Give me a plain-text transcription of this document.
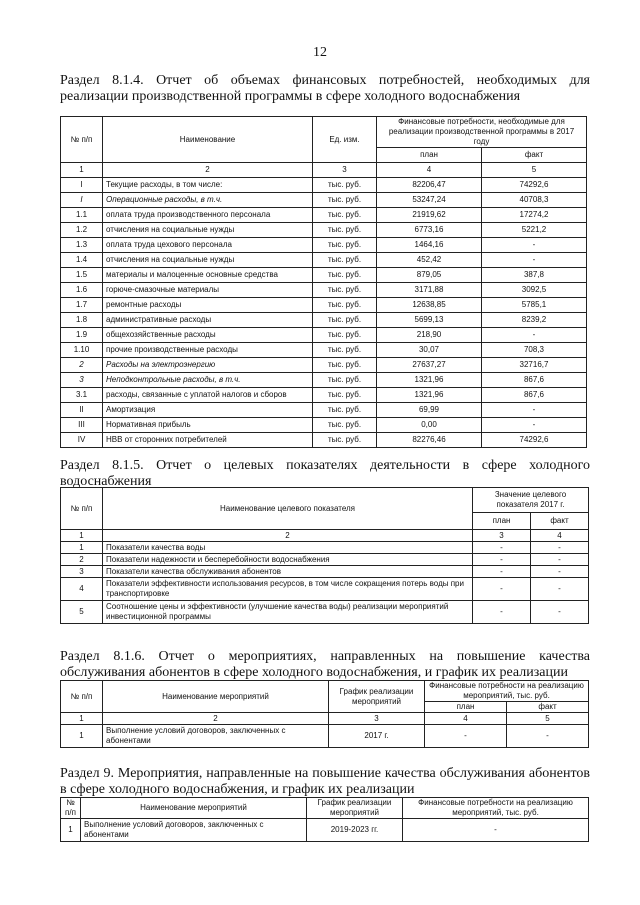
12
Раздел 8.1.4. Отчет об объемах финансовых потребностей, необходимых для реализации производственной программы в сфере холодного водоснабжения
№ п/п	Наименование	Ед. изм.	Финансовые потребности, необходимые для реализации производственной программы в 2017 году	
			план	факт
1	2	3	4	5
I	Текущие расходы, в том числе:	тыс. руб.	82206,47	74292,6
I	Операционные расходы, в т.ч.	тыс. руб.	53247,24	40708,3
1.1	оплата труда производственного персонала	тыс. руб.	21919,62	17274,2
1.2	отчисления на социальные нужды	тыс. руб.	6773,16	5221,2
1.3	оплата труда цехового персонала	тыс. руб.	1464,16	-
1.4	отчисления на социальные нужды	тыс. руб.	452,42	-
1.5	материалы и малоценные основные средства	тыс. руб.	879,05	387,8
1.6	горюче-смазочные материалы	тыс. руб.	3171,88	3092,5
1.7	ремонтные расходы	тыс. руб.	12638,85	5785,1
1.8	административные расходы	тыс. руб.	5699,13	8239,2
1.9	общехозяйственные расходы	тыс. руб.	218,90	-
1.10	прочие производственные расходы	тыс. руб.	30,07	708,3
2	Расходы на электроэнергию	тыс. руб.	27637,27	32716,7
3	Неподконтрольные расходы, в т.ч.	тыс. руб.	1321,96	867,6
3.1	расходы, связанные с уплатой налогов и сборов	тыс. руб.	1321,96	867,6
II	Амортизация	тыс. руб.	69,99	-
III	Нормативная прибыль	тыс. руб.	0,00	-
IV	НВВ от сторонних потребителей	тыс. руб.	82276,46	74292,6
Раздел 8.1.5. Отчет о целевых показателях деятельности в сфере холодного водоснабжения
№ п/п	Наименование целевого показателя	Значение целевого показателя 2017 г.	
		план	факт
1	2	3	4
1	Показатели качества воды	-	-
2	Показатели надежности и бесперебойности водоснабжения	-	-
3	Показатели качества обслуживания абонентов	-	-
4	Показатели эффективности использования ресурсов, в том числе сокращения потерь воды при транспортировке	-	-
5	Соотношение цены и эффективности (улучшение качества воды) реализации мероприятий инвестиционной программы	-	-
Раздел 8.1.6. Отчет о мероприятиях, направленных на повышение качества обслуживания абонентов в сфере холодного водоснабжения, и график их реализации
№ п/п	Наименование мероприятий	График реализации мероприятий	Финансовые потребности на реализацию мероприятий, тыс. руб.	
			план	факт
1	2	3	4	5
1	Выполнение условий договоров, заключенных с абонентами	2017 г.	-	-
Раздел 9. Мероприятия, направленные на повышение качества обслуживания абонентов в сфере холодного водоснабжения, и график их реализации
№ п/п	Наименование мероприятий	График реализации мероприятий	Финансовые потребности на реализацию мероприятий, тыс. руб.
1	Выполнение условий договоров, заключенных с абонентами	2019-2023 гг.	-
